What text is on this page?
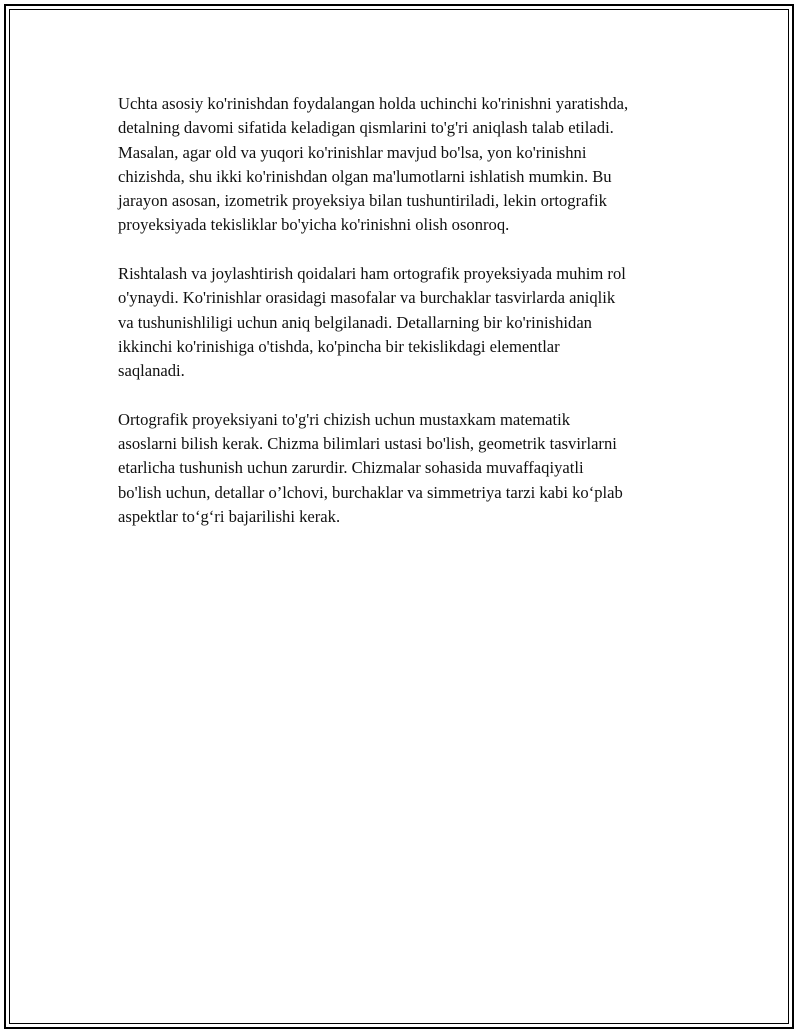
Uchta asosiy ko'rinishdan foydalangan holda uchinchi ko'rinishni yaratishda,
detalning davomi sifatida keladigan qismlarini to'g'ri aniqlash talab etiladi.
Masalan, agar old va yuqori ko'rinishlar mavjud bo'lsa, yon ko'rinishni
chizishda, shu ikki ko'rinishdan olgan ma'lumotlarni ishlatish mumkin. Bu
jarayon asosan, izometrik proyeksiya bilan tushuntiriladi, lekin ortografik
proyeksiyada tekisliklar bo'yicha ko'rinishni olish osonroq.

Rishtalash va joylashtirish qoidalari ham ortografik proyeksiyada muhim rol
o'ynaydi. Ko'rinishlar orasidagi masofalar va burchaklar tasvirlarda aniqlik
va tushunishliligi uchun aniq belgilanadi. Detallarning bir ko'rinishidan
ikkinchi ko'rinishiga o'tishda, ko'pincha bir tekislikdagi elementlar
saqlanadi.

Ortografik proyeksiyani to'g'ri chizish uchun mustaxkam matematik
asoslarni bilish kerak. Chizma bilimlari ustasi bo'lish, geometrik tasvirlarni
etarlicha tushunish uchun zarurdir. Chizmalar sohasida muvaffaqiyatli
bo'lish uchun, detallar o’lchovi, burchaklar va simmetriya tarzi kabi ko‘plab
aspektlar to‘g‘ri bajarilishi kerak.
